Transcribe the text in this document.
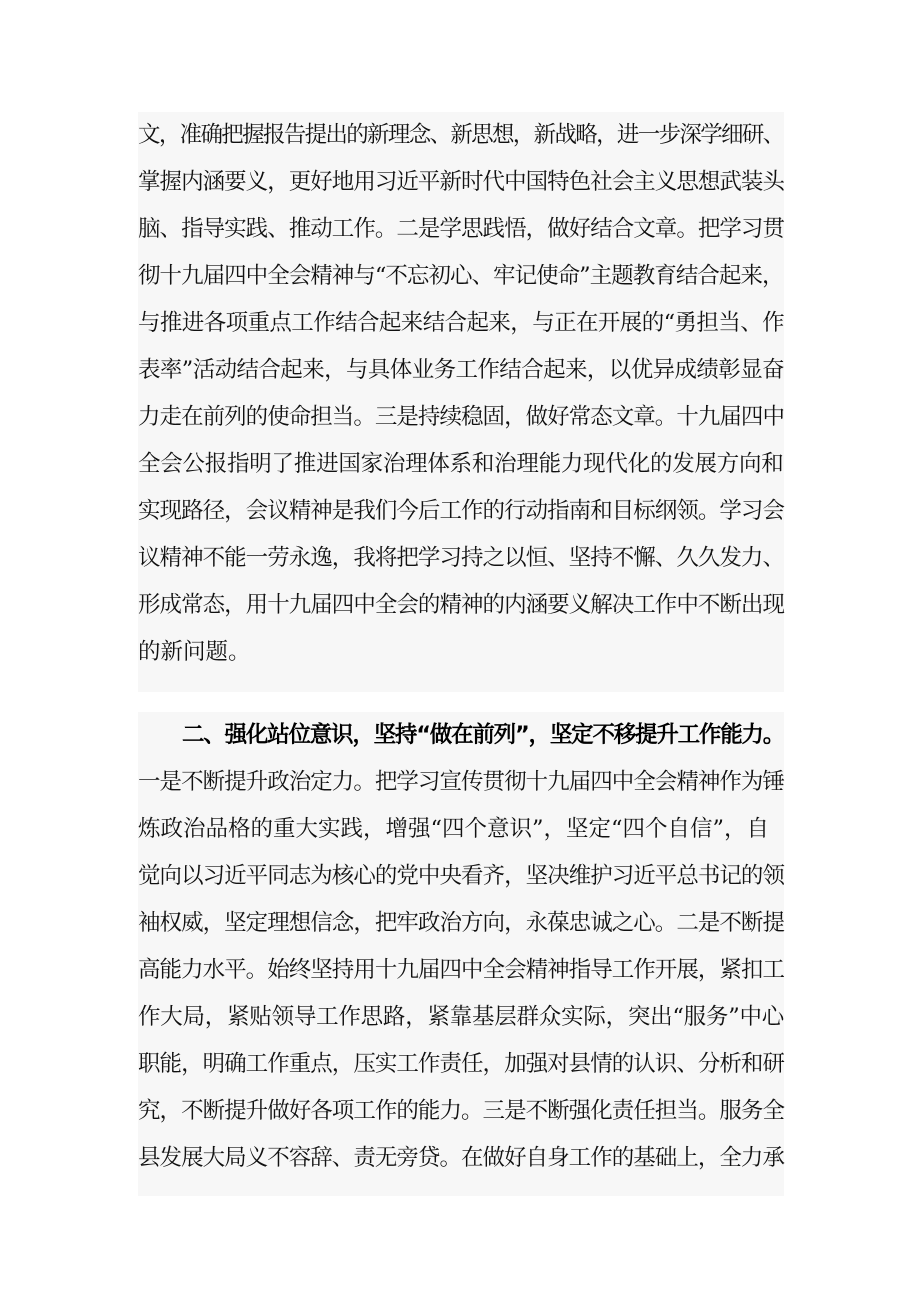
文，准确把握报告提出的新理念、新思想，新战略，进一步深学细研、
掌握内涵要义，更好地用习近平新时代中国特色社会主义思想武装头
脑、指导实践、推动工作。二是学思践悟，做好结合文章。把学习贯
彻十九届四中全会精神与“不忘初心、牢记使命”主题教育结合起来，
与推进各项重点工作结合起来结合起来，与正在开展的“勇担当、作
表率”活动结合起来，与具体业务工作结合起来，以优异成绩彰显奋
力走在前列的使命担当。三是持续稳固，做好常态文章。十九届四中
全会公报指明了推进国家治理体系和治理能力现代化的发展方向和
实现路径，会议精神是我们今后工作的行动指南和目标纲领。学习会
议精神不能一劳永逸，我将把学习持之以恒、坚持不懈、久久发力、
形成常态，用十九届四中全会的精神的内涵要义解决工作中不断出现
的新问题。
二、强化站位意识，坚持“做在前列”，坚定不移提升工作能力。
一是不断提升政治定力。把学习宣传贯彻十九届四中全会精神作为锤
炼政治品格的重大实践，增强“四个意识”，坚定“四个自信”，自
觉向以习近平同志为核心的党中央看齐，坚决维护习近平总书记的领
袖权威，坚定理想信念，把牢政治方向，永葆忠诚之心。二是不断提
高能力水平。始终坚持用十九届四中全会精神指导工作开展，紧扣工
作大局，紧贴领导工作思路，紧靠基层群众实际，突出“服务”中心
职能，明确工作重点，压实工作责任，加强对县情的认识、分析和研
究，不断提升做好各项工作的能力。三是不断强化责任担当。服务全
县发展大局义不容辞、责无旁贷。在做好自身工作的基础上，全力承
